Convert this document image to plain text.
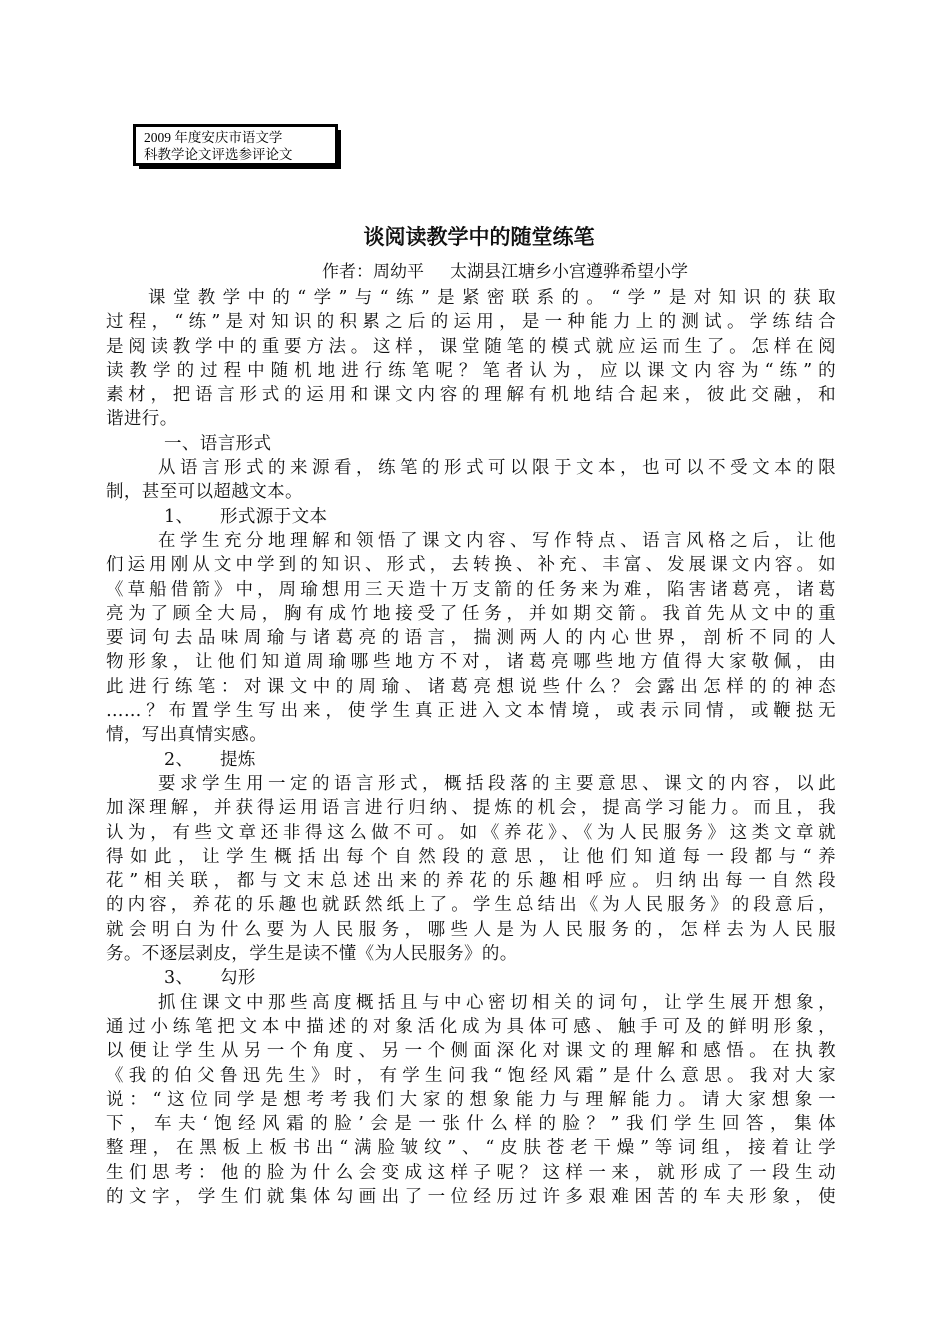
2009 年度安庆市语文学
科教学论文评选参评论文
谈阅读教学中的随堂练笔
作者：周幼平 太湖县江塘乡小宫遵骅希望小学
课堂教学中的“学”与“练”是紧密联系的。“学”是对知识的获取
过程，“练”是对知识的积累之后的运用，是一种能力上的测试。学练结合
是阅读教学中的重要方法。这样，课堂随笔的模式就应运而生了。怎样在阅
读教学的过程中随机地进行练笔呢？笔者认为，应以课文内容为“练”的
素材，把语言形式的运用和课文内容的理解有机地结合起来，彼此交融，和
谐进行。
一、语言形式
从语言形式的来源看，练笔的形式可以限于文本，也可以不受文本的限
制，甚至可以超越文本。
1、 形式源于文本
在学生充分地理解和领悟了课文内容、写作特点、语言风格之后，让他
们运用刚从文中学到的知识、形式，去转换、补充、丰富、发展课文内容。如
《草船借箭》中，周瑜想用三天造十万支箭的任务来为难，陷害诸葛亮，诸葛
亮为了顾全大局，胸有成竹地接受了任务，并如期交箭。我首先从文中的重
要词句去品味周瑜与诸葛亮的语言，揣测两人的内心世界，剖析不同的人
物形象，让他们知道周瑜哪些地方不对，诸葛亮哪些地方值得大家敬佩，由
此进行练笔：对课文中的周瑜、诸葛亮想说些什么？会露出怎样的的神态
……？布置学生写出来，使学生真正进入文本情境，或表示同情，或鞭挞无
情，写出真情实感。
2、 提炼
要求学生用一定的语言形式，概括段落的主要意思、课文的内容，以此
加深理解，并获得运用语言进行归纳、提炼的机会，提高学习能力。而且，我
认为，有些文章还非得这么做不可。如《养花》、《为人民服务》这类文章就
得如此，让学生概括出每个自然段的意思，让他们知道每一段都与“养
花”相关联，都与文末总述出来的养花的乐趣相呼应。归纳出每一自然段
的内容，养花的乐趣也就跃然纸上了。学生总结出《为人民服务》的段意后，
就会明白为什么要为人民服务，哪些人是为人民服务的，怎样去为人民服
务。不逐层剥皮，学生是读不懂《为人民服务》的。
3、 勾形
抓住课文中那些高度概括且与中心密切相关的词句，让学生展开想象，
通过小练笔把文本中描述的对象活化成为具体可感、触手可及的鲜明形象，
以便让学生从另一个角度、另一个侧面深化对课文的理解和感悟。在执教
《我的伯父鲁迅先生》时，有学生问我“饱经风霜”是什么意思。我对大家
说：“这位同学是想考考我们大家的想象能力与理解能力。请大家想象一
下，车夫‘饱经风霜的脸’会是一张什么样的脸？”我们学生回答，集体
整理，在黑板上板书出“满脸皱纹”、“皮肤苍老干燥”等词组，接着让学
生们思考：他的脸为什么会变成这样子呢？这样一来，就形成了一段生动
的文字，学生们就集体勾画出了一位经历过许多艰难困苦的车夫形象，使
